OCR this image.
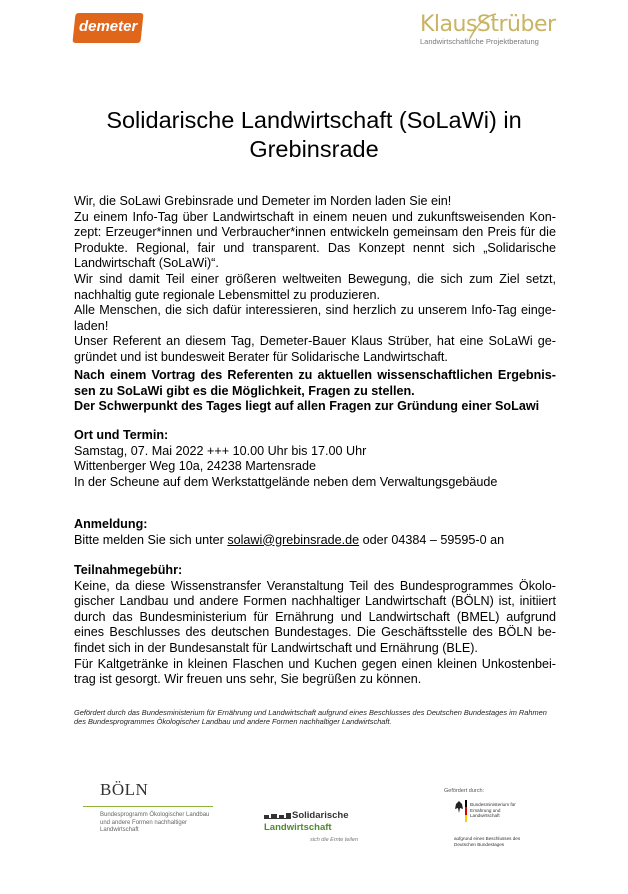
demeter	KlausStrüber
Landwirtschaftliche Projektberatung
Solidarische Landwirtschaft (SoLaWi) in Grebinsrade

Wir, die SoLawi Grebinsrade und Demeter im Norden laden Sie ein!

Zu einem Info-Tag über Landwirtschaft in einem neuen und zukunftsweisenden Kon-zept: Erzeuger*innen und Verbraucher*innen entwickeln gemeinsam den Preis für die Produkte. Regional, fair und transparent. Das Konzept nennt sich „Solidarische Landwirtschaft (SoLaWi)“.

Wir sind damit Teil einer größeren weltweiten Bewegung, die sich zum Ziel setzt, nachhaltig gute regionale Lebensmittel zu produzieren.

Alle Menschen, die sich dafür interessieren, sind herzlich zu unserem Info-Tag einge-laden!

Unser Referent an diesem Tag, Demeter-Bauer Klaus Strüber, hat eine SoLaWi ge-gründet und ist bundesweit Berater für Solidarische Landwirtschaft.

Nach einem Vortrag des Referenten zu aktuellen wissenschaftlichen Ergebnis-sen zu SoLaWi gibt es die Möglichkeit, Fragen zu stellen.

Der Schwerpunkt des Tages liegt auf allen Fragen zur Gründung einer SoLawi

Ort und Termin:

Samstag, 07. Mai 2022 +++ 10.00 Uhr bis 17.00 Uhr

Wittenberger Weg 10a, 24238 Martensrade

In der Scheune auf dem Werkstattgelände neben dem Verwaltungsgebäude

Anmeldung:

Bitte melden Sie sich unter solawi@grebinsrade.de oder 04384 – 59595-0 an

Teilnahmegebühr:

Keine, da diese Wissenstransfer Veranstaltung Teil des Bundesprogrammes Ökolo-gischer Landbau und andere Formen nachhaltiger Landwirtschaft (BÖLN) ist, initiiert durch das Bundesministerium für Ernährung und Landwirtschaft (BMEL) aufgrund eines Beschlusses des deutschen Bundestages. Die Geschäftsstelle des BÖLN be-findet sich in der Bundesanstalt für Landwirtschaft und Ernährung (BLE).

Für Kaltgetränke in kleinen Flaschen und Kuchen gegen einen kleinen Unkostenbei-trag ist gesorgt. Wir freuen uns sehr, Sie begrüßen zu können.

Gefördert durch das Bundesministerium für Ernährung und Landwirtschaft aufgrund eines Beschlusses des Deutschen Bundestages im Rahmen des Bundesprogrammes Ökologischer Landbau und andere Formen nachhaltiger Landwirtschaft.
BÖLN
Bundesprogramm Ökologischer Landbau und andere Formen nachhaltiger Landwirtschaft
Solidarische
Landwirtschaft
sich die Ernte teilen
Gefördert durch:
Bundesministerium für Ernährung und Landwirtschaft
aufgrund eines Beschlusses des Deutschen Bundestages
